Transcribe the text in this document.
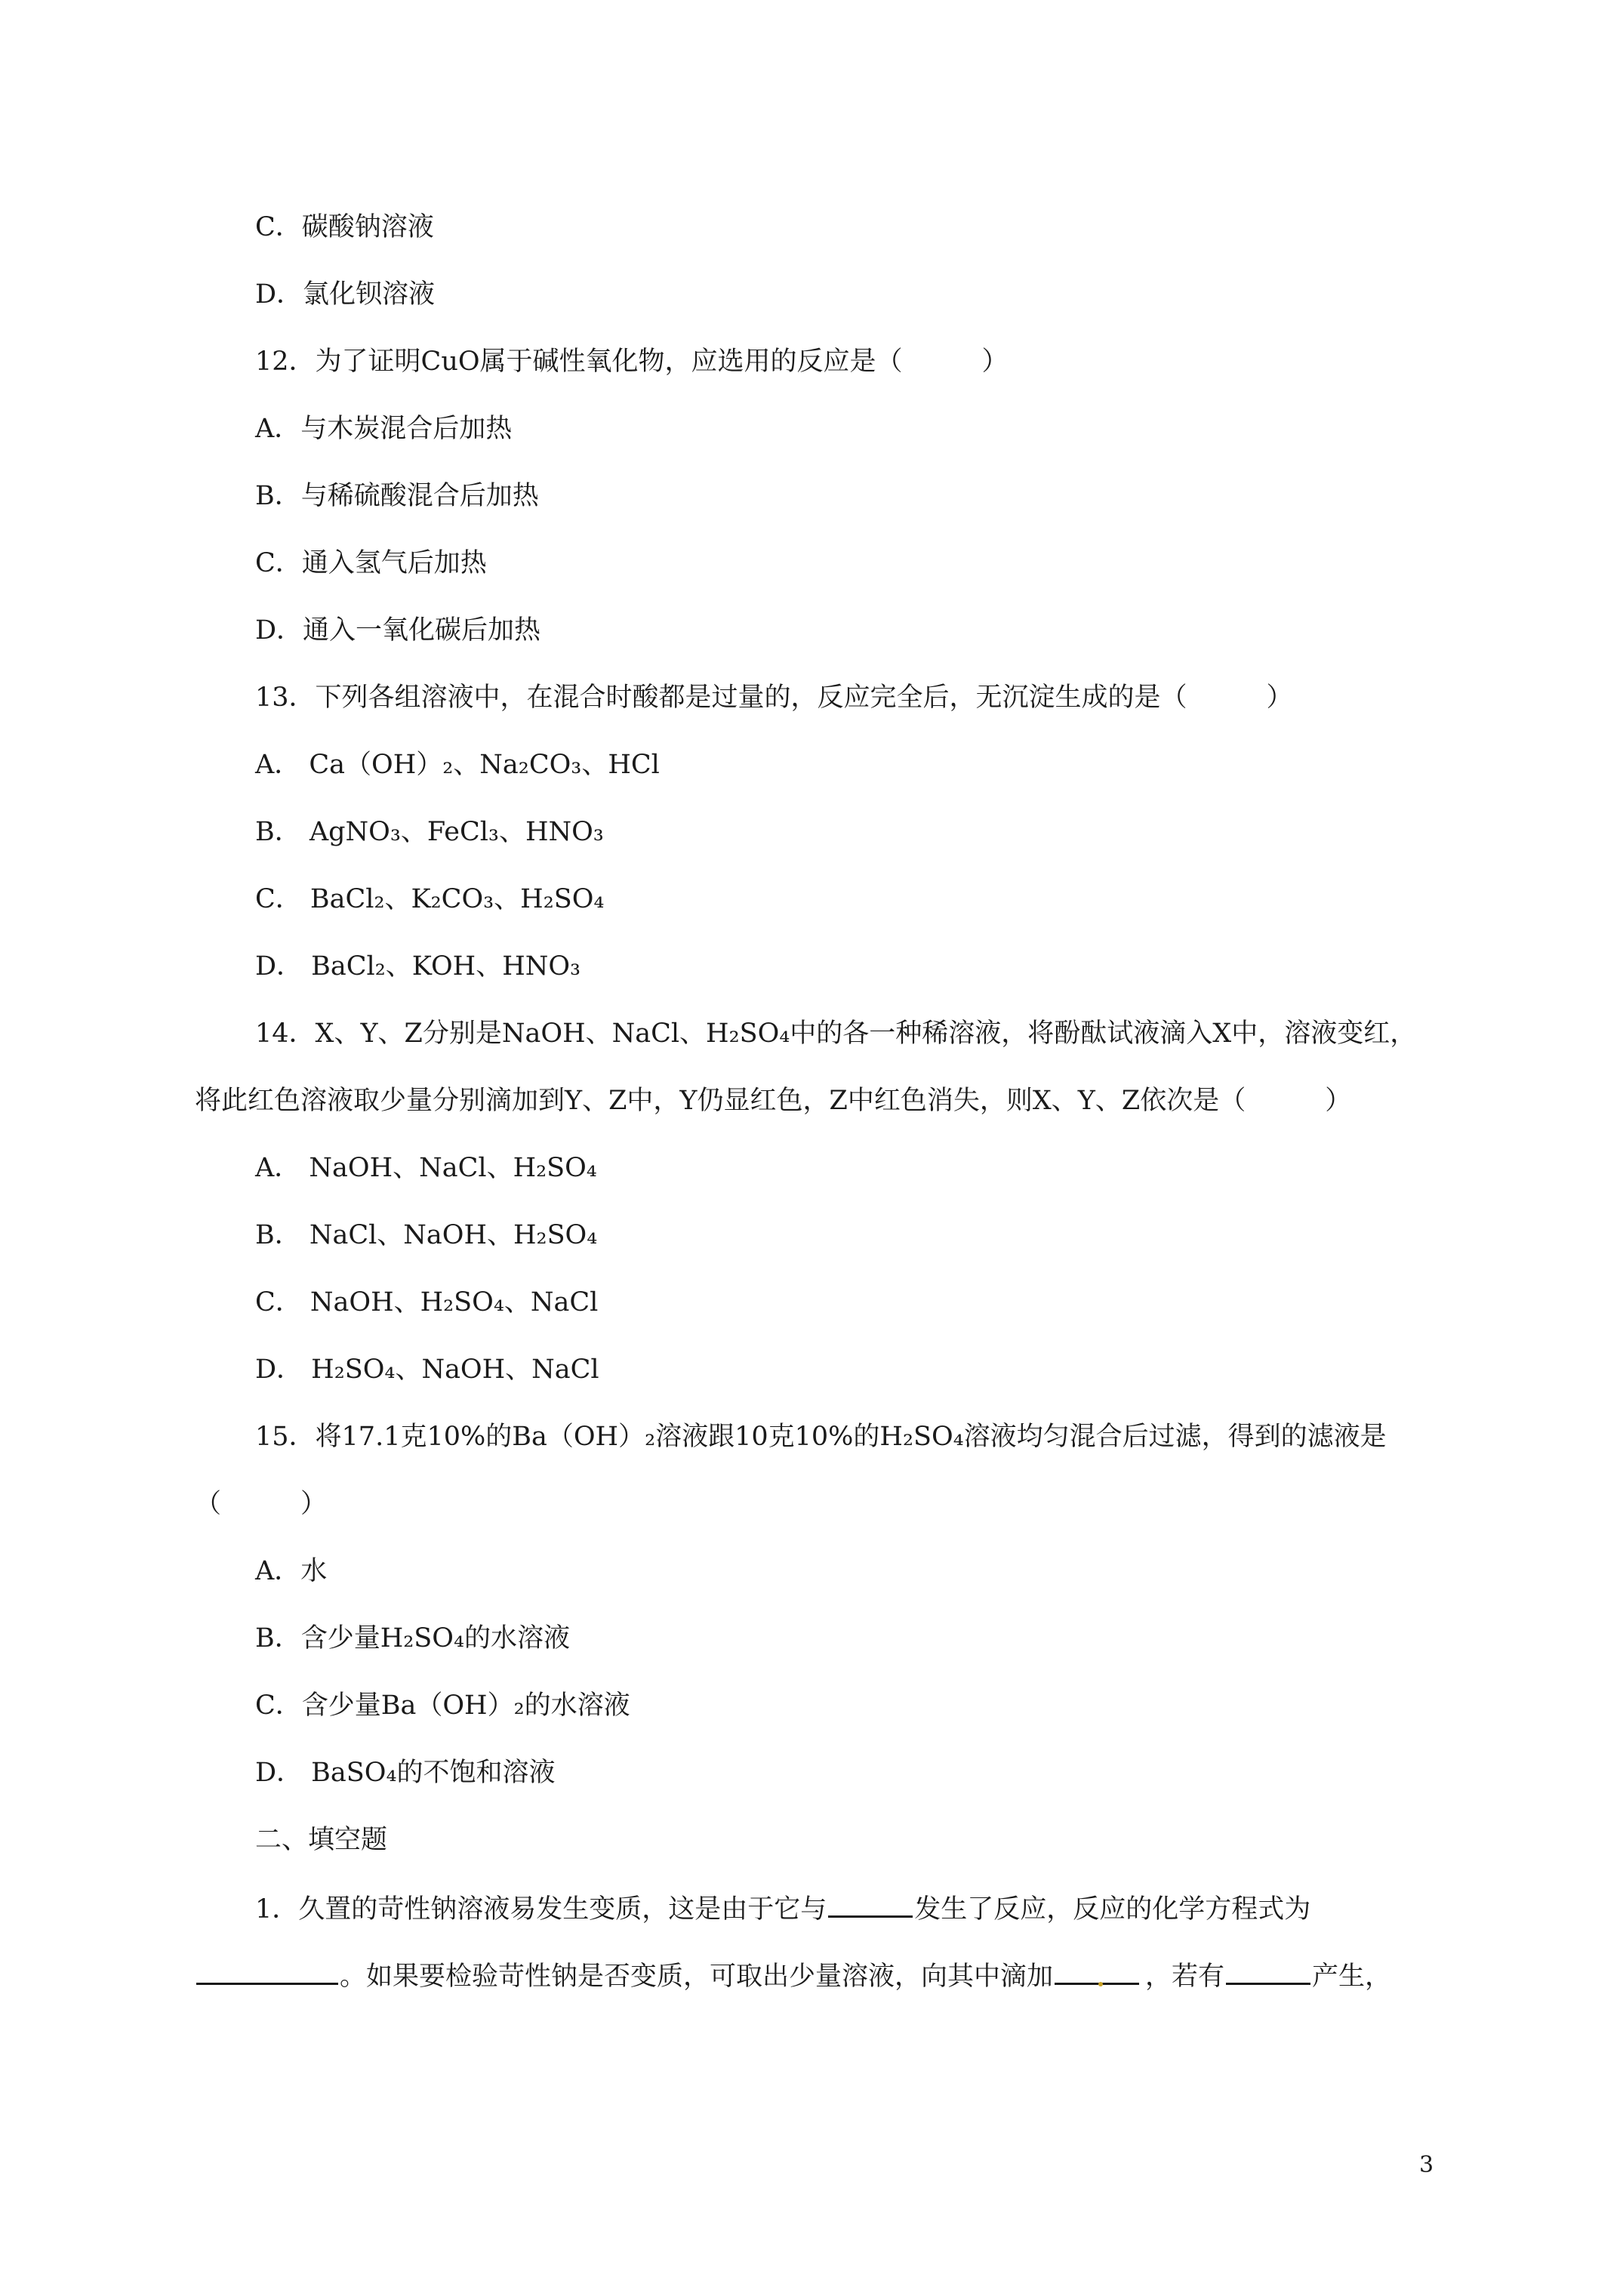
C．碳酸钠溶液
D．氯化钡溶液
12．为了证明CuO属于碱性氧化物，应选用的反应是（　　　）
A．与木炭混合后加热
B．与稀硫酸混合后加热
C．通入氢气后加热
D．通入一氧化碳后加热
13．下列各组溶液中，在混合时酸都是过量的，反应完全后，无沉淀生成的是（　　　）
A． Ca（OH）₂、Na₂CO₃、HCl
B． AgNO₃、FeCl₃、HNO₃
C． BaCl₂、K₂CO₃、H₂SO₄
D． BaCl₂、KOH、HNO₃
14．X、Y、Z分别是NaOH、NaCl、H₂SO₄中的各一种稀溶液，将酚酞试液滴入X中，溶液变红，
将此红色溶液取少量分别滴加到Y、Z中，Y仍显红色，Z中红色消失，则X、Y、Z依次是（　　　）
A． NaOH、NaCl、H₂SO₄
B． NaCl、NaOH、H₂SO₄
C． NaOH、H₂SO₄、NaCl
D． H₂SO₄、NaOH、NaCl
15．将17.1克10%的Ba（OH）₂溶液跟10克10%的H₂SO₄溶液均匀混合后过滤，得到的滤液是
（　　　）
A．水
B．含少量H₂SO₄的水溶液
C．含少量Ba（OH）₂的水溶液
D． BaSO₄的不饱和溶液
二、填空题
1．久置的苛性钠溶液易发生变质，这是由于它与	发生了反应，反应的化学方程式为
。如果要检验苛性钠是否变质，可取出少量溶液，向其中滴加	，若有	产生，
3
